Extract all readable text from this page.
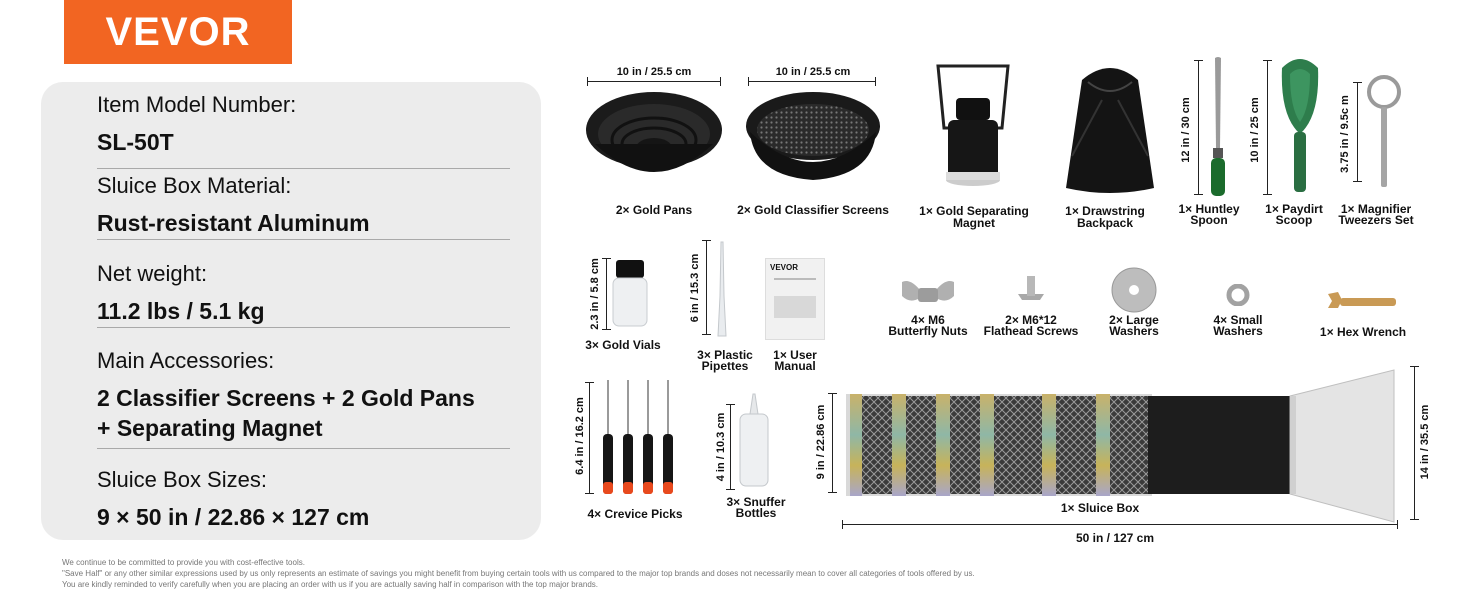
VEVOR
Item Model Number:
SL-50T
Sluice Box Material:
Rust-resistant Aluminum
Net weight:
11.2 lbs / 5.1 kg
Main Accessories:
2 Classifier Screens + 2 Gold Pans
+ Separating Magnet
Sluice Box Sizes:
9 × 50 in / 22.86 × 127 cm
10 in / 25.5 cm
2× Gold Pans
10 in / 25.5 cm
2× Gold Classifier Screens	1× Gold Separating
Magnet
1× Drawstring
Backpack
12 in / 30 cm
1× Huntley
Spoon
10 in / 25 cm
1× Paydirt
Scoop
3.75 in / 9.5c m
1× Magnifier
Tweezers Set
2.3 in / 5.8 cm
3× Gold Vials
6 in / 15.3 cm
3× Plastic
Pipettes
VEVOR
1× User
Manual
4× M6
Butterfly Nuts
2× M6*12
Flathead Screws
2× Large
Washers
4× Small
Washers	1× Hex Wrench
6.4 in / 16.2 cm
4× Crevice Picks
4 in / 10.3 cm
3× Snuffer
Bottles
9 in / 22.86 cm	14 in / 35.5 cm
1× Sluice Box
50 in / 127 cm
We continue to be committed to provide you with cost-effective tools.
"Save Half" or any other similar expressions used by us only represents an estimate of savings you might benefit from buying certain tools with us compared to the major top brands and doses not necessarily mean to cover all categories of tools offered by us.
You are kindly reminded to verify carefully when you are placing an order with us if you are actually saving half in comparison with the top major brands.
